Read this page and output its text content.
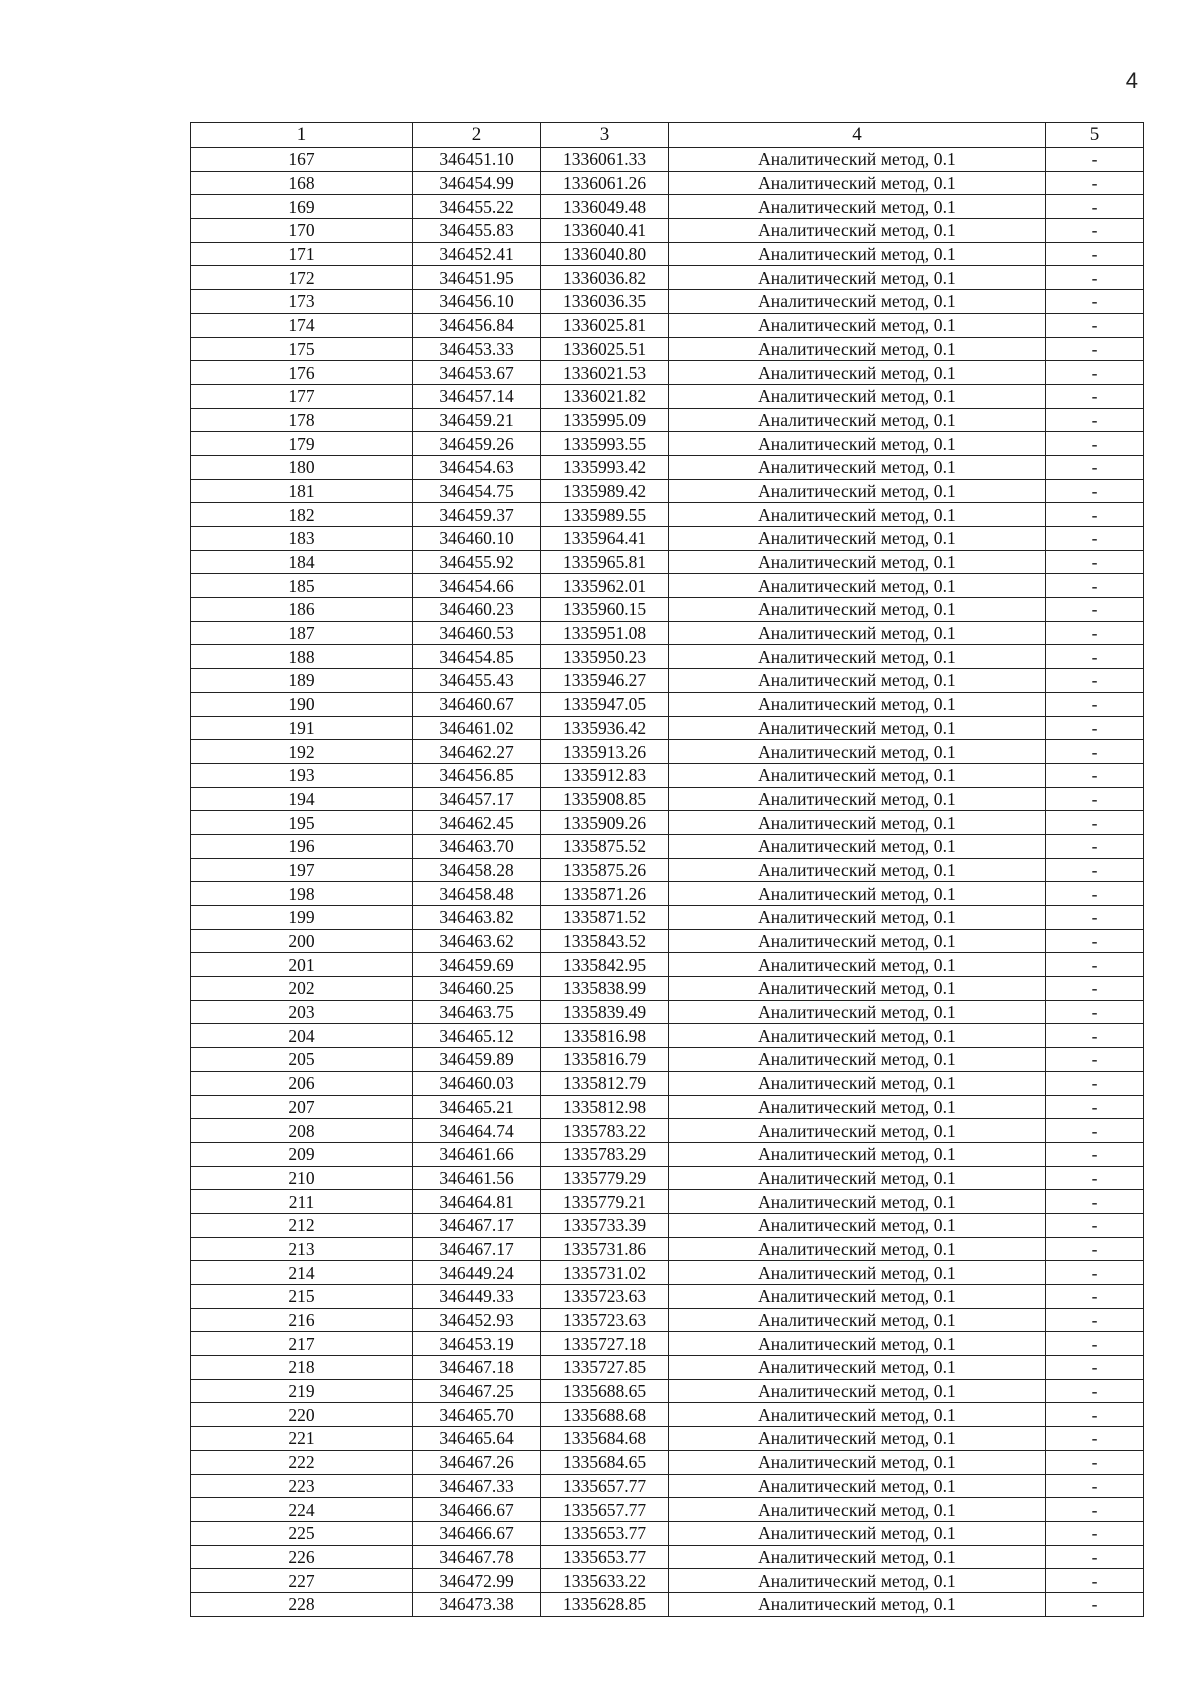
4
1	2	3	4	5
167	346451.10	1336061.33	Аналитический метод, 0.1	-
168	346454.99	1336061.26	Аналитический метод, 0.1	-
169	346455.22	1336049.48	Аналитический метод, 0.1	-
170	346455.83	1336040.41	Аналитический метод, 0.1	-
171	346452.41	1336040.80	Аналитический метод, 0.1	-
172	346451.95	1336036.82	Аналитический метод, 0.1	-
173	346456.10	1336036.35	Аналитический метод, 0.1	-
174	346456.84	1336025.81	Аналитический метод, 0.1	-
175	346453.33	1336025.51	Аналитический метод, 0.1	-
176	346453.67	1336021.53	Аналитический метод, 0.1	-
177	346457.14	1336021.82	Аналитический метод, 0.1	-
178	346459.21	1335995.09	Аналитический метод, 0.1	-
179	346459.26	1335993.55	Аналитический метод, 0.1	-
180	346454.63	1335993.42	Аналитический метод, 0.1	-
181	346454.75	1335989.42	Аналитический метод, 0.1	-
182	346459.37	1335989.55	Аналитический метод, 0.1	-
183	346460.10	1335964.41	Аналитический метод, 0.1	-
184	346455.92	1335965.81	Аналитический метод, 0.1	-
185	346454.66	1335962.01	Аналитический метод, 0.1	-
186	346460.23	1335960.15	Аналитический метод, 0.1	-
187	346460.53	1335951.08	Аналитический метод, 0.1	-
188	346454.85	1335950.23	Аналитический метод, 0.1	-
189	346455.43	1335946.27	Аналитический метод, 0.1	-
190	346460.67	1335947.05	Аналитический метод, 0.1	-
191	346461.02	1335936.42	Аналитический метод, 0.1	-
192	346462.27	1335913.26	Аналитический метод, 0.1	-
193	346456.85	1335912.83	Аналитический метод, 0.1	-
194	346457.17	1335908.85	Аналитический метод, 0.1	-
195	346462.45	1335909.26	Аналитический метод, 0.1	-
196	346463.70	1335875.52	Аналитический метод, 0.1	-
197	346458.28	1335875.26	Аналитический метод, 0.1	-
198	346458.48	1335871.26	Аналитический метод, 0.1	-
199	346463.82	1335871.52	Аналитический метод, 0.1	-
200	346463.62	1335843.52	Аналитический метод, 0.1	-
201	346459.69	1335842.95	Аналитический метод, 0.1	-
202	346460.25	1335838.99	Аналитический метод, 0.1	-
203	346463.75	1335839.49	Аналитический метод, 0.1	-
204	346465.12	1335816.98	Аналитический метод, 0.1	-
205	346459.89	1335816.79	Аналитический метод, 0.1	-
206	346460.03	1335812.79	Аналитический метод, 0.1	-
207	346465.21	1335812.98	Аналитический метод, 0.1	-
208	346464.74	1335783.22	Аналитический метод, 0.1	-
209	346461.66	1335783.29	Аналитический метод, 0.1	-
210	346461.56	1335779.29	Аналитический метод, 0.1	-
211	346464.81	1335779.21	Аналитический метод, 0.1	-
212	346467.17	1335733.39	Аналитический метод, 0.1	-
213	346467.17	1335731.86	Аналитический метод, 0.1	-
214	346449.24	1335731.02	Аналитический метод, 0.1	-
215	346449.33	1335723.63	Аналитический метод, 0.1	-
216	346452.93	1335723.63	Аналитический метод, 0.1	-
217	346453.19	1335727.18	Аналитический метод, 0.1	-
218	346467.18	1335727.85	Аналитический метод, 0.1	-
219	346467.25	1335688.65	Аналитический метод, 0.1	-
220	346465.70	1335688.68	Аналитический метод, 0.1	-
221	346465.64	1335684.68	Аналитический метод, 0.1	-
222	346467.26	1335684.65	Аналитический метод, 0.1	-
223	346467.33	1335657.77	Аналитический метод, 0.1	-
224	346466.67	1335657.77	Аналитический метод, 0.1	-
225	346466.67	1335653.77	Аналитический метод, 0.1	-
226	346467.78	1335653.77	Аналитический метод, 0.1	-
227	346472.99	1335633.22	Аналитический метод, 0.1	-
228	346473.38	1335628.85	Аналитический метод, 0.1	-
